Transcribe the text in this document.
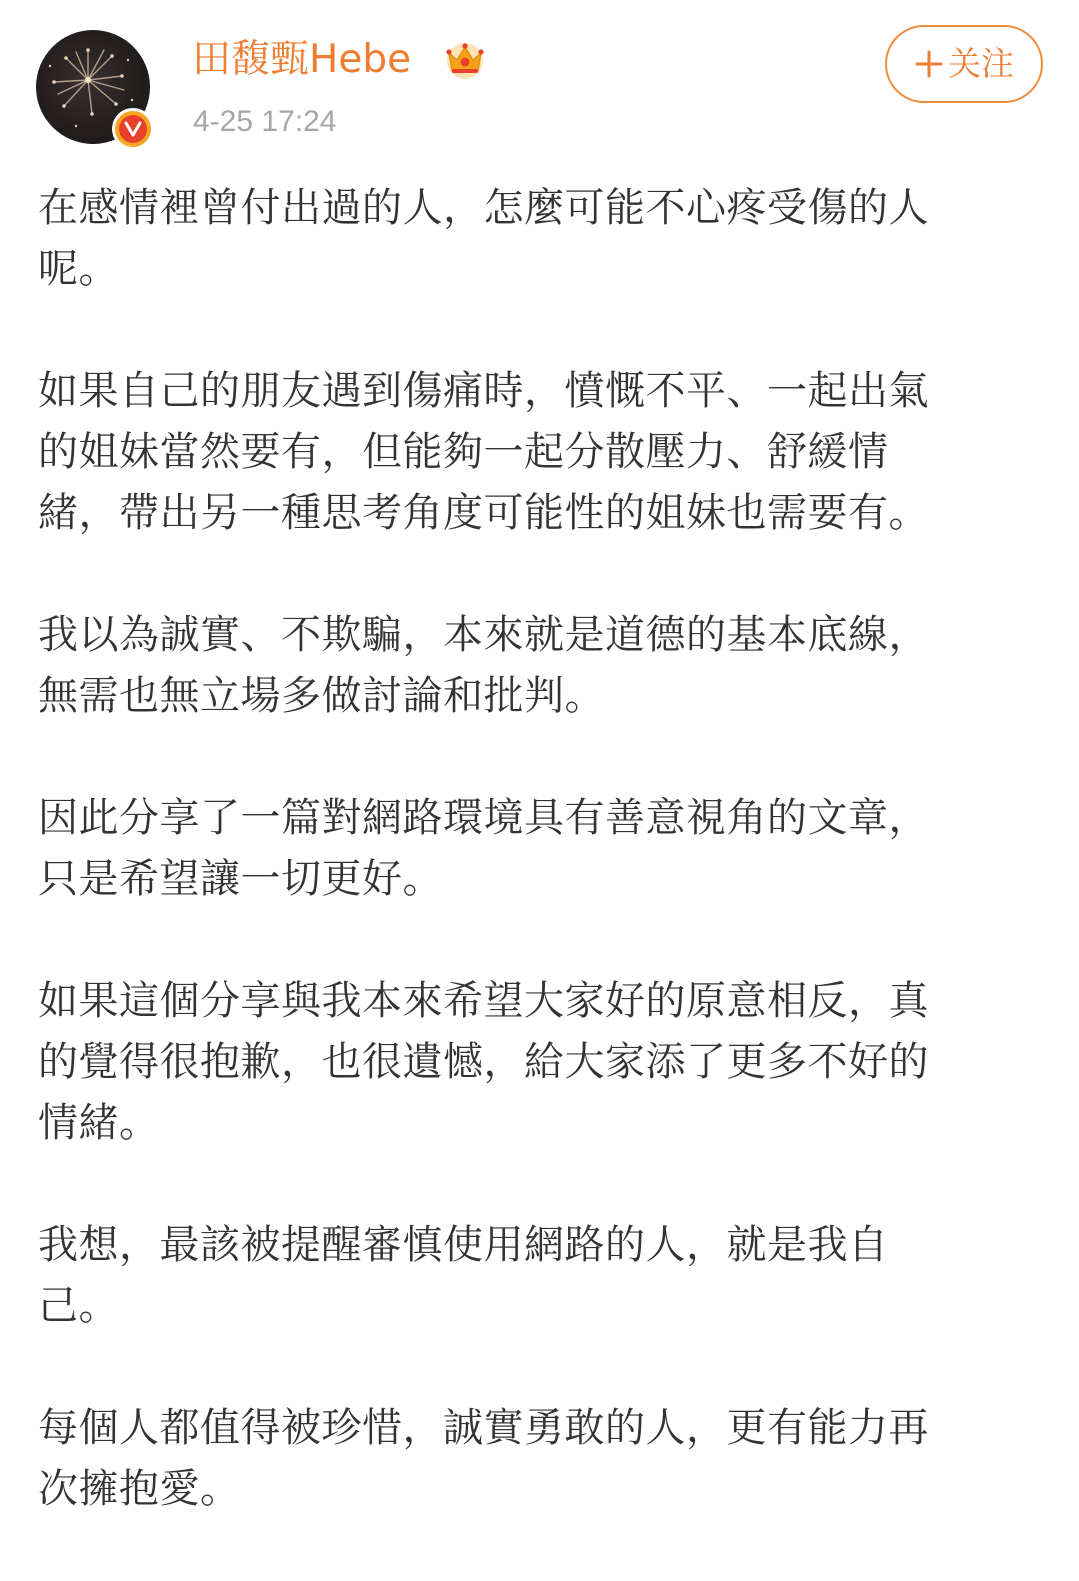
田馥甄Hebe
4-25 17:24
关注

在感情裡曾付出過的人，怎麼可能不心疼受傷的人
呢。

如果自己的朋友遇到傷痛時，憤慨不平、一起出氣
的姐妹當然要有，但能夠一起分散壓力、舒緩情
緒，帶出另一種思考角度可能性的姐妹也需要有。

我以為誠實、不欺騙，本來就是道德的基本底線，
無需也無立場多做討論和批判。

因此分享了一篇對網路環境具有善意視角的文章，
只是希望讓一切更好。

如果這個分享與我本來希望大家好的原意相反，真
的覺得很抱歉，也很遺憾，給大家添了更多不好的
情緒。

我想，最該被提醒審慎使用網路的人，就是我自
己。

每個人都值得被珍惜，誠實勇敢的人，更有能力再
次擁抱愛。
